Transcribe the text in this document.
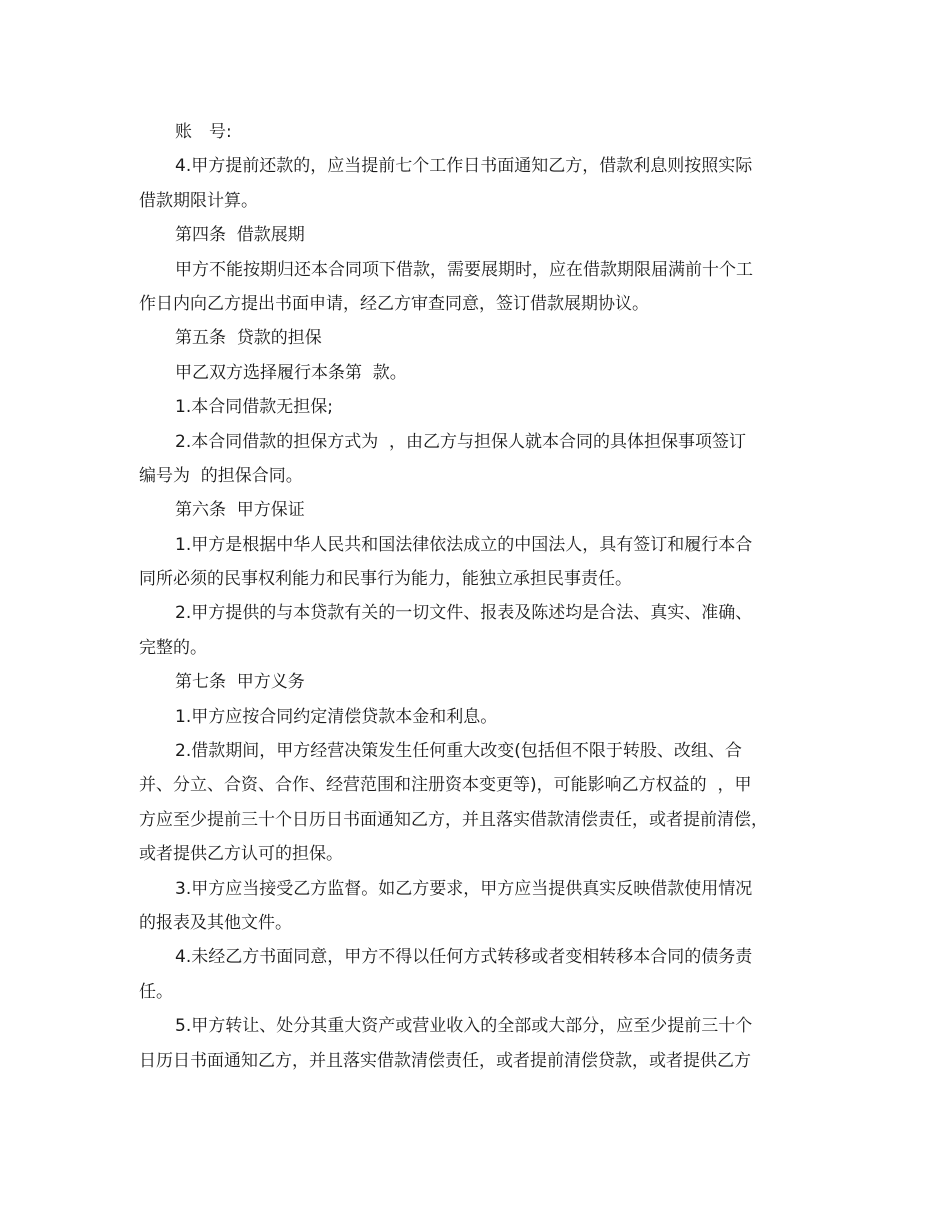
账　号:
4.甲方提前还款的，应当提前七个工作日书面通知乙方，借款利息则按照实际
借款期限计算。
第四条  借款展期
甲方不能按期归还本合同项下借款，需要展期时，应在借款期限届满前十个工
作日内向乙方提出书面申请，经乙方审查同意，签订借款展期协议。
第五条  贷款的担保
甲乙双方选择履行本条第  款。
1.本合同借款无担保;
2.本合同借款的担保方式为  ，由乙方与担保人就本合同的具体担保事项签订
编号为  的担保合同。
第六条  甲方保证
1.甲方是根据中华人民共和国法律依法成立的中国法人，具有签订和履行本合
同所必须的民事权利能力和民事行为能力，能独立承担民事责任。
2.甲方提供的与本贷款有关的一切文件、报表及陈述均是合法、真实、准确、
完整的。
第七条  甲方义务
1.甲方应按合同约定清偿贷款本金和利息。
2.借款期间，甲方经营决策发生任何重大改变(包括但不限于转股、改组、合
并、分立、合资、合作、经营范围和注册资本变更等)，可能影响乙方权益的  ，甲
方应至少提前三十个日历日书面通知乙方，并且落实借款清偿责任，或者提前清偿，
或者提供乙方认可的担保。
3.甲方应当接受乙方监督。如乙方要求，甲方应当提供真实反映借款使用情况
的报表及其他文件。
4.未经乙方书面同意，甲方不得以任何方式转移或者变相转移本合同的债务责
任。
5.甲方转让、处分其重大资产或营业收入的全部或大部分，应至少提前三十个
日历日书面通知乙方，并且落实借款清偿责任，或者提前清偿贷款，或者提供乙方
